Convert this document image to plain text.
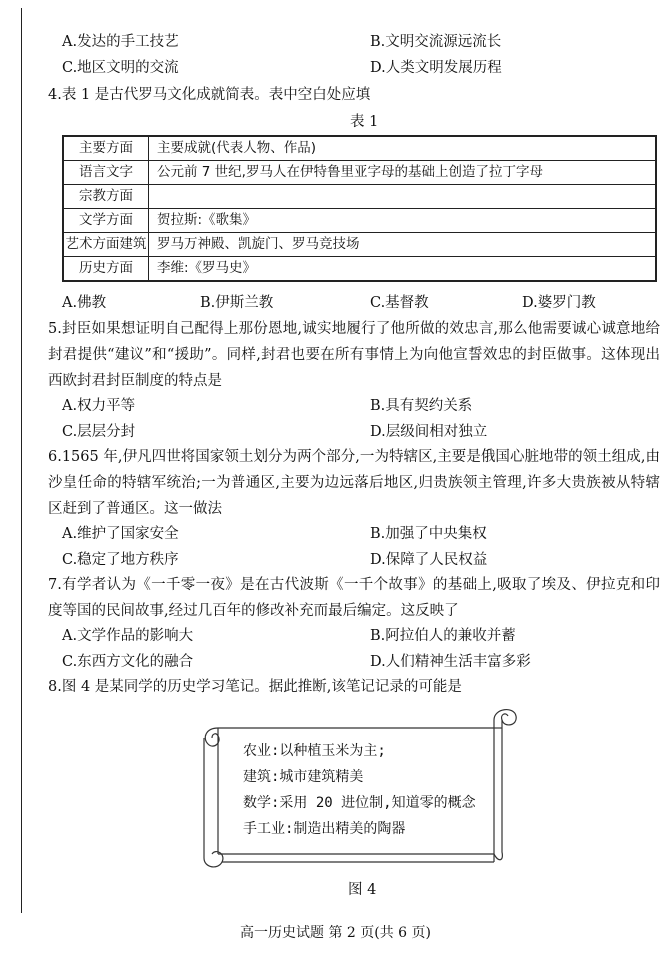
A.发达的手工技艺	B.文明交流源远流长
C.地区文明的交流	D.人类文明发展历程
4.表 1 是古代罗马文化成就简表。表中空白处应填
表 1
主要方面	主要成就(代表人物、作品)
语言文字	公元前 7 世纪,罗马人在伊特鲁里亚字母的基础上创造了拉丁字母
宗教方面	
文学方面	贺拉斯:《歌集》
艺术方面建筑	罗马万神殿、凯旋门、罗马竞技场
历史方面	李维:《罗马史》
A.佛教	B.伊斯兰教	C.基督教	D.婆罗门教
5.封臣如果想证明自己配得上那份恩地,诚实地履行了他所做的效忠言,那么他需要诚心诚意地给封君提供“建议”和“援助”。同样,封君也要在所有事情上为向他宣誓效忠的封臣做事。这体现出西欧封君封臣制度的特点是
A.权力平等	B.具有契约关系
C.层层分封	D.层级间相对独立
6.1565 年,伊凡四世将国家领土划分为两个部分,一为特辖区,主要是俄国心脏地带的领土组成,由沙皇任命的特辖军统治;一为普通区,主要为边远落后地区,归贵族领主管理,许多大贵族被从特辖区赶到了普通区。这一做法
A.维护了国家安全	B.加强了中央集权
C.稳定了地方秩序	D.保障了人民权益
7.有学者认为《一千零一夜》是在古代波斯《一千个故事》的基础上,吸取了埃及、伊拉克和印度等国的民间故事,经过几百年的修改补充而最后编定。这反映了
A.文学作品的影响大	B.阿拉伯人的兼收并蓄
C.东西方文化的融合	D.人们精神生活丰富多彩
8.图 4 是某同学的历史学习笔记。据此推断,该笔记记录的可能是
农业:以种植玉米为主;
建筑:城市建筑精美
数学:采用 20 进位制,知道零的概念
手工业:制造出精美的陶器
图 4
高一历史试题 第 2 页(共 6 页)
